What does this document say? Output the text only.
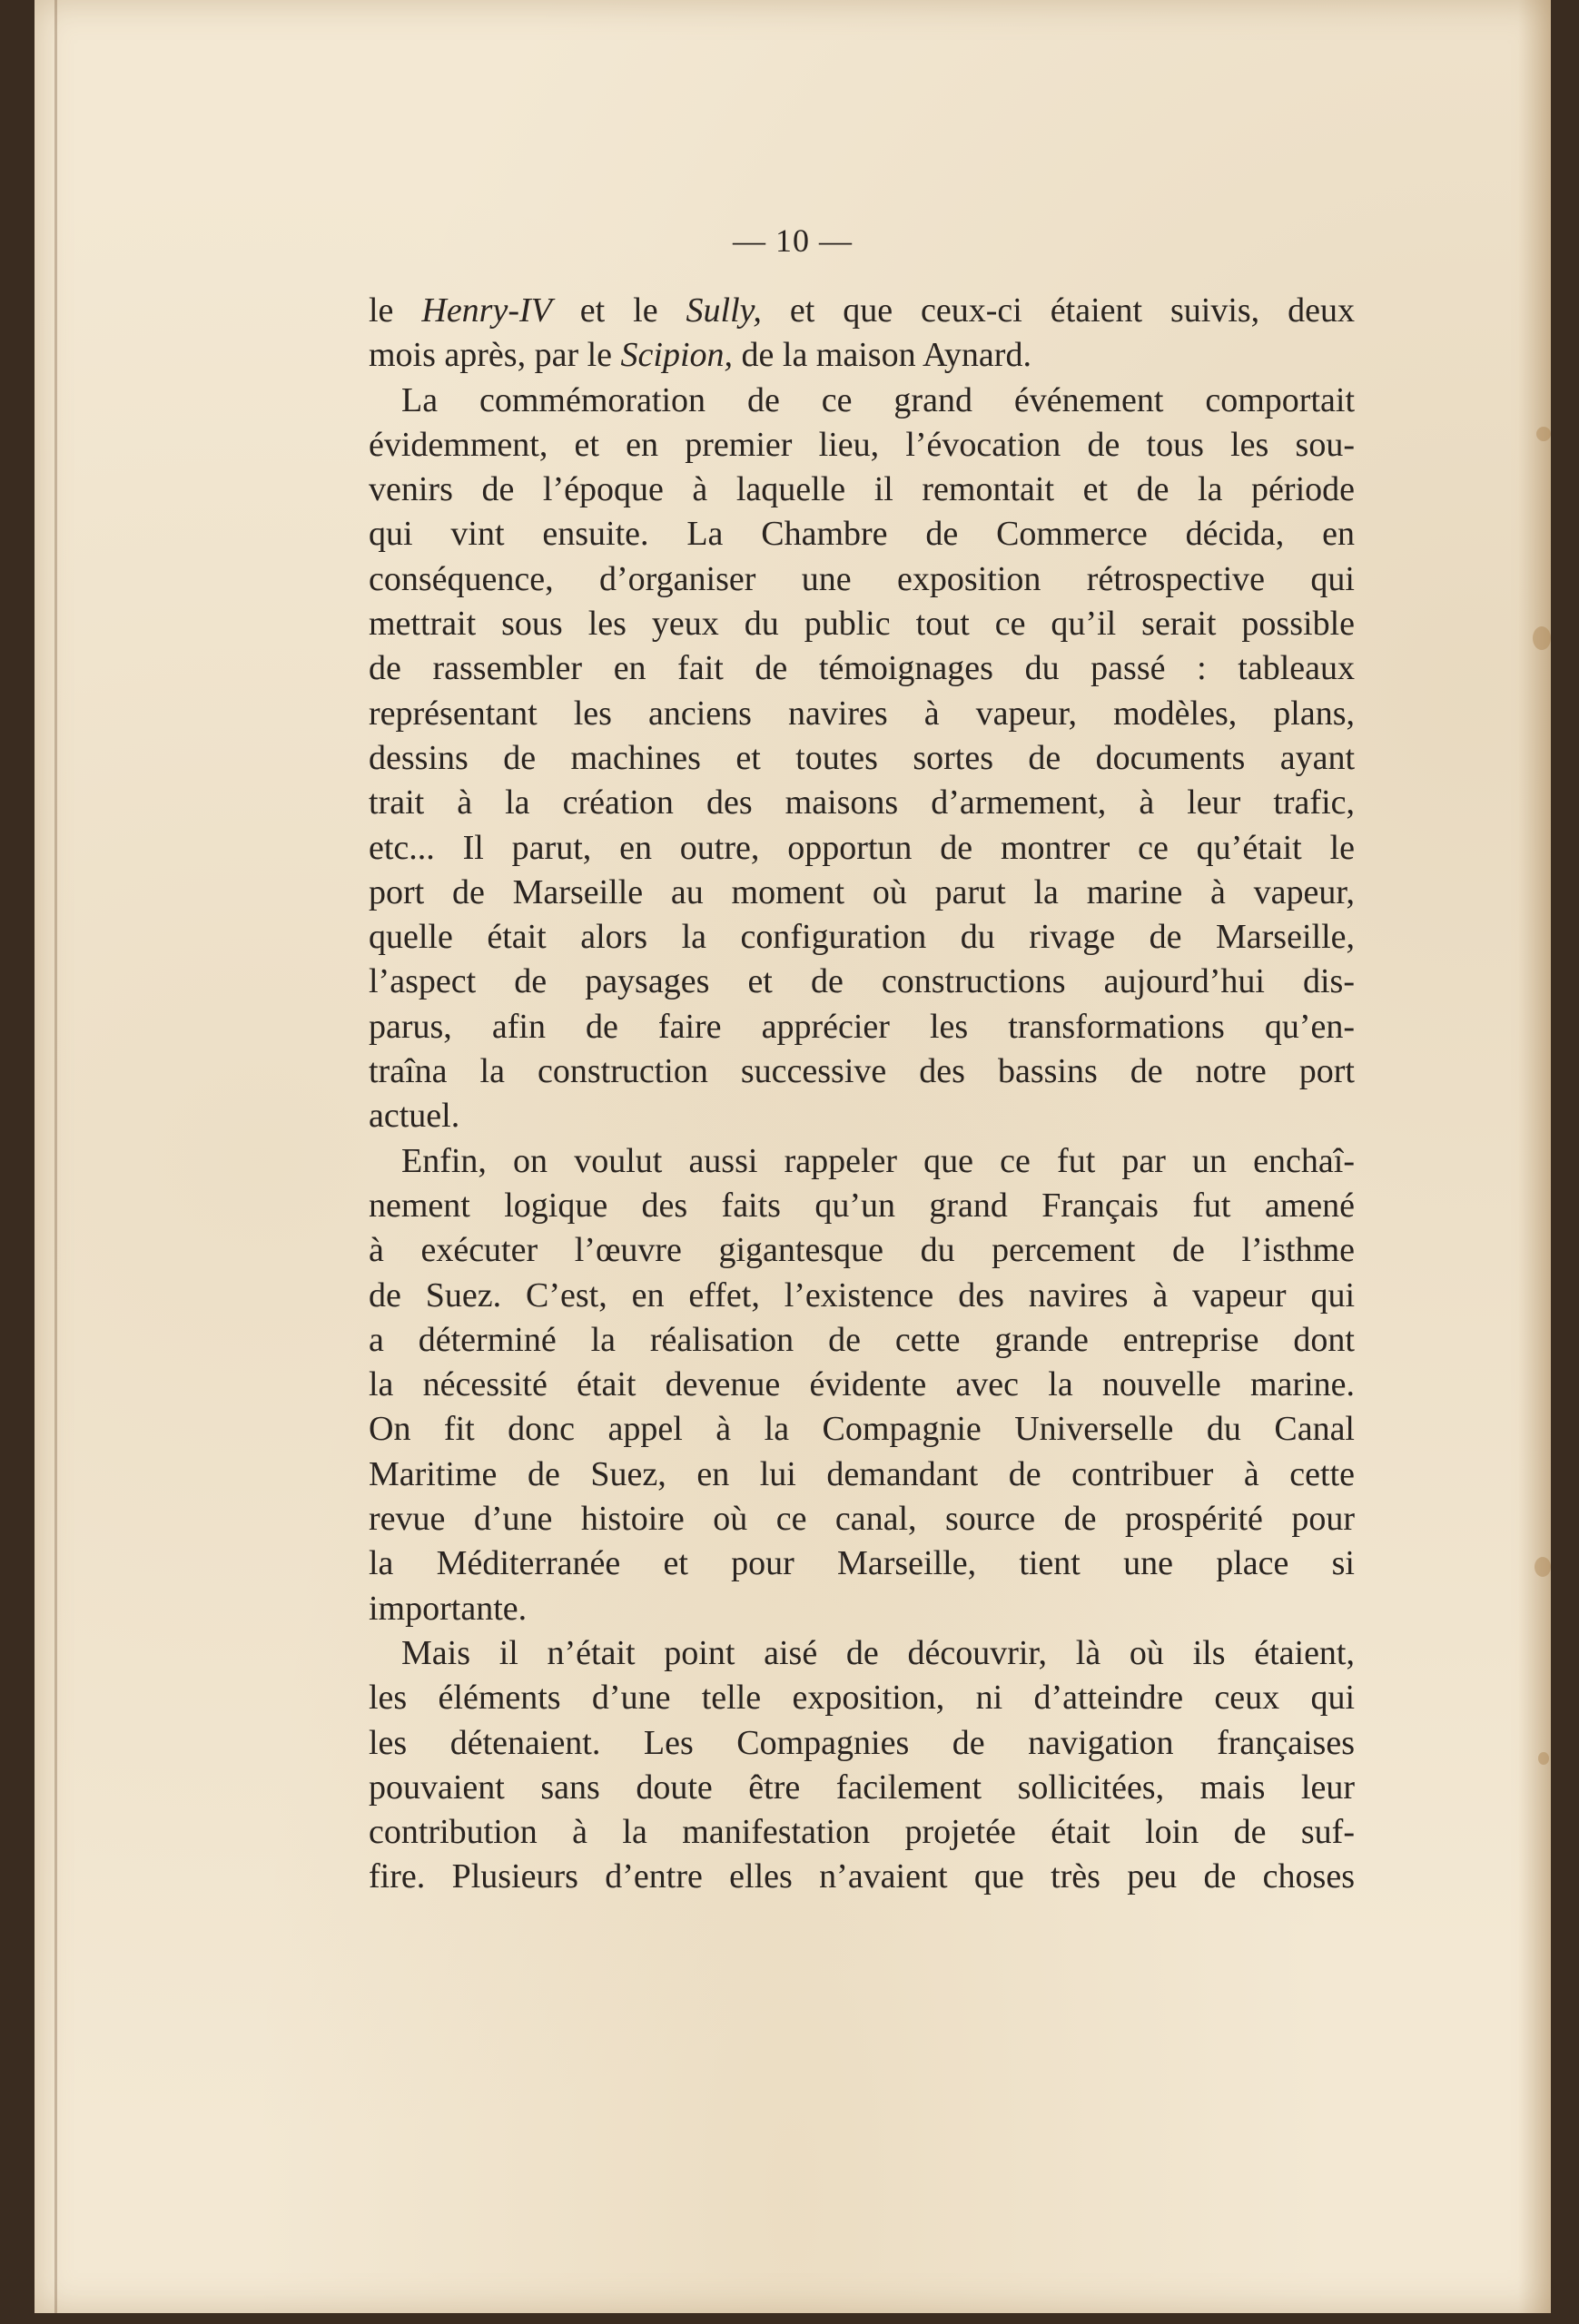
— 10 —
le Henry-IV et le Sully, et que ceux-ci étaient suivis, deux
mois après, par le Scipion, de la maison Aynard.
La commémoration de ce grand événement comportait
évidemment, et en premier lieu, l’évocation de tous les sou-
venirs de l’époque à laquelle il remontait et de la période
qui vint ensuite. La Chambre de Commerce décida, en
conséquence, d’organiser une exposition rétrospective qui
mettrait sous les yeux du public tout ce qu’il serait possible
de rassembler en fait de témoignages du passé : tableaux
représentant les anciens navires à vapeur, modèles, plans,
dessins de machines et toutes sortes de documents ayant
trait à la création des maisons d’armement, à leur trafic,
etc... Il parut, en outre, opportun de montrer ce qu’était le
port de Marseille au moment où parut la marine à vapeur,
quelle était alors la configuration du rivage de Marseille,
l’aspect de paysages et de constructions aujourd’hui dis-
parus, afin de faire apprécier les transformations qu’en-
traîna la construction successive des bassins de notre port
actuel.
Enfin, on voulut aussi rappeler que ce fut par un enchaî-
nement logique des faits qu’un grand Français fut amené
à exécuter l’œuvre gigantesque du percement de l’isthme
de Suez. C’est, en effet, l’existence des navires à vapeur qui
a déterminé la réalisation de cette grande entreprise dont
la nécessité était devenue évidente avec la nouvelle marine.
On fit donc appel à la Compagnie Universelle du Canal
Maritime de Suez, en lui demandant de contribuer à cette
revue d’une histoire où ce canal, source de prospérité pour
la Méditerranée et pour Marseille, tient une place si
importante.
Mais il n’était point aisé de découvrir, là où ils étaient,
les éléments d’une telle exposition, ni d’atteindre ceux qui
les détenaient. Les Compagnies de navigation françaises
pouvaient sans doute être facilement sollicitées, mais leur
contribution à la manifestation projetée était loin de suf-
fire. Plusieurs d’entre elles n’avaient que très peu de choses
